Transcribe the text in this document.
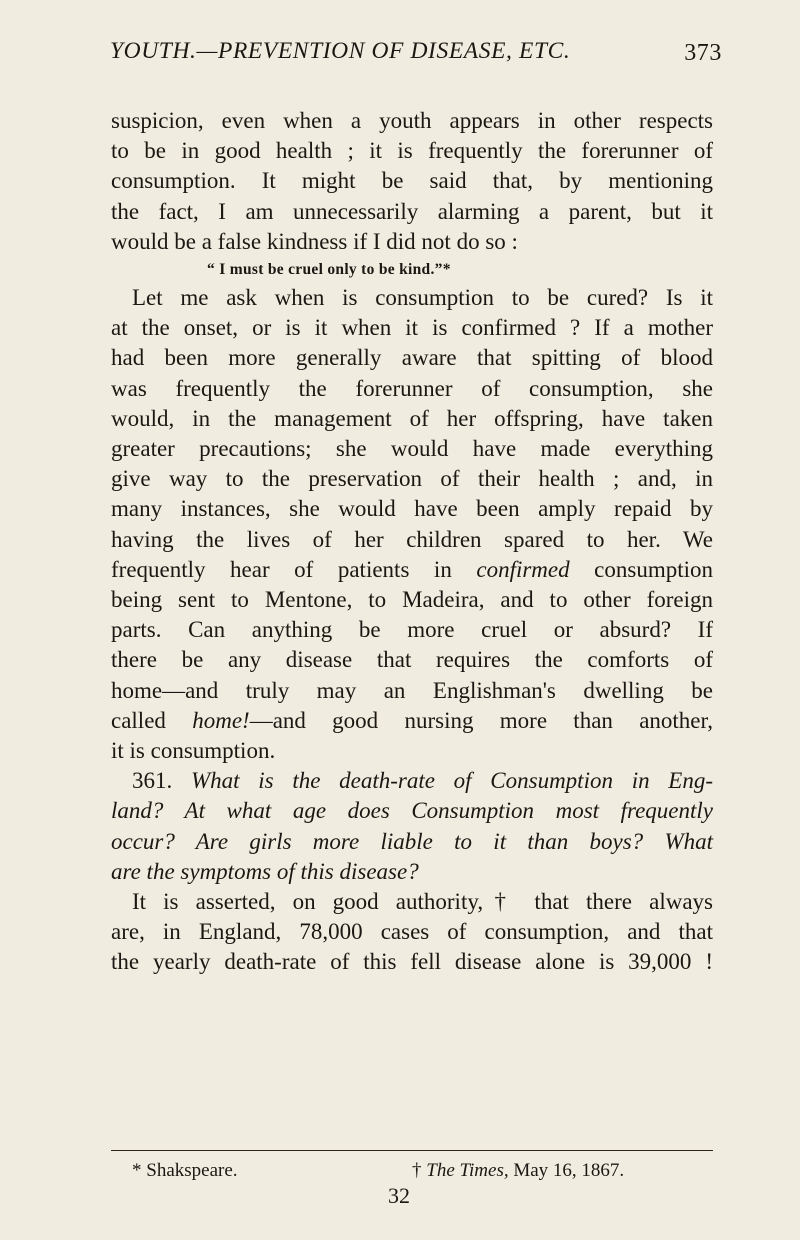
YOUTH.—PREVENTION OF DISEASE, ETC.	373
suspicion, even when a youth appears in other respects
to be in good health ; it is frequently the forerunner of
consumption. It might be said that, by mentioning
the fact, I am unnecessarily alarming a parent, but it
would be a false kindness if I did not do so :
“ I must be cruel only to be kind.”*
Let me ask when is consumption to be cured? Is it
at the onset, or is it when it is confirmed ? If a mother
had been more generally aware that spitting of blood
was frequently the forerunner of consumption, she
would, in the management of her offspring, have taken
greater precautions; she would have made everything
give way to the preservation of their health ; and, in
many instances, she would have been amply repaid by
having the lives of her children spared to her. We
frequently hear of patients in confirmed consumption
being sent to Mentone, to Madeira, and to other foreign
parts. Can anything be more cruel or absurd? If
there be any disease that requires the comforts of
home—and truly may an Englishman's dwelling be
called home!—and good nursing more than another,
it is consumption.
361. What is the death-rate of Consumption in Eng-
land? At what age does Consumption most frequently
occur? Are girls more liable to it than boys? What
are the symptoms of this disease?
It is asserted, on good authority,† that there always
are, in England, 78,000 cases of consumption, and that
the yearly death-rate of this fell disease alone is 39,000 !
* Shakspeare.	† The Times, May 16, 1867.
32
